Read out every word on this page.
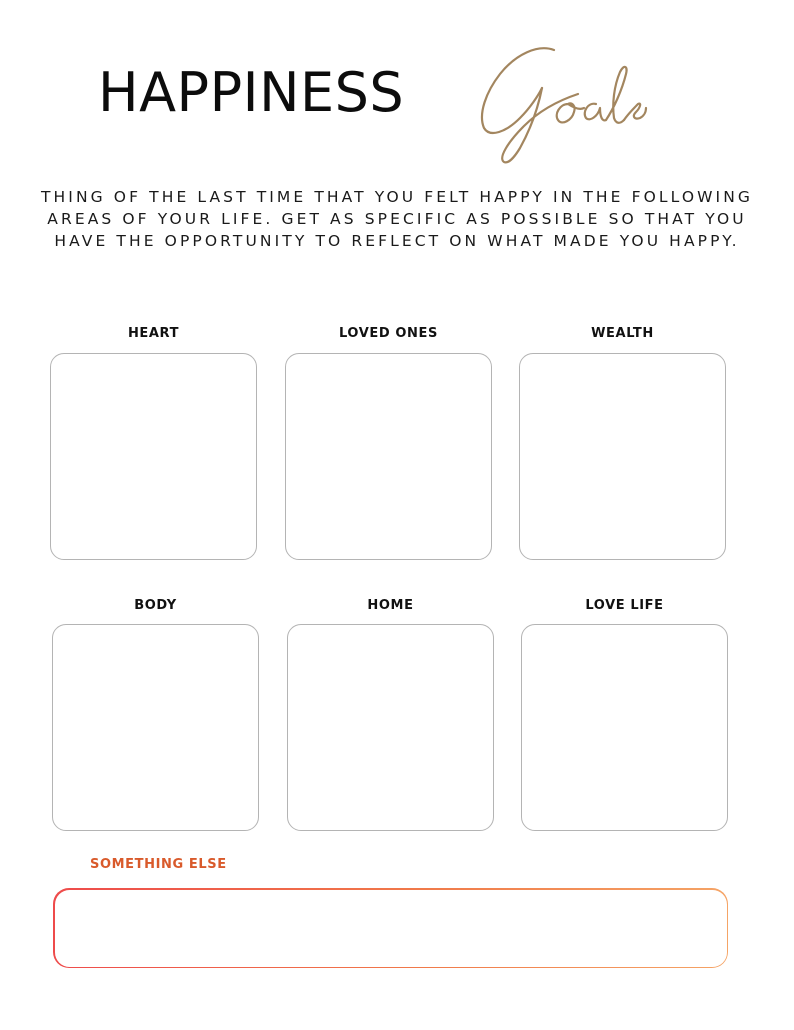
HAPPINESS
THING OF THE LAST TIME THAT YOU FELT HAPPY IN THE FOLLOWING
AREAS OF YOUR LIFE. GET AS SPECIFIC AS POSSIBLE SO THAT YOU
HAVE THE OPPORTUNITY TO REFLECT ON WHAT MADE YOU HAPPY.
HEART	LOVED ONES	WEALTH
BODY	HOME	LOVE LIFE
SOMETHING ELSE
